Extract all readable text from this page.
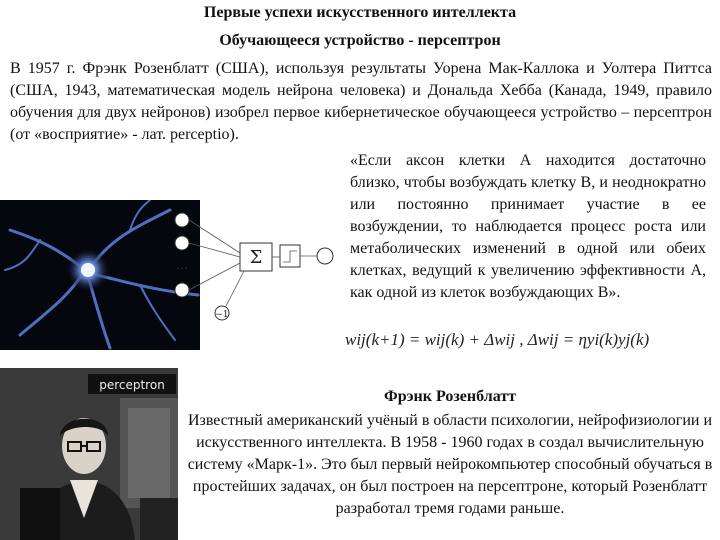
Первые успехи искусственного интеллекта
Обучающееся устройство - персептрон
В 1957 г. Фрэнк Розенблатт (США), используя результаты Уорена Мак-Каллока и Уолтера Питтса (США, 1943, математическая модель нейрона человека) и Дональда Хебба (Канада, 1949, правило обучения для двух нейронов) изобрел первое кибернетическое обучающееся устройство – персептрон (от «восприятие» - лат. perceptio).
Σ
…
−1
«Если аксон клетки А находится достаточно близко, чтобы возбуждать клетку В, и неоднократно или постоянно принимает участие в ее возбуждении, то наблюдается процесс роста или метаболических изменений в одной или обеих клетках, ведущий к увеличению эффективности А, как одной из клеток возбуждающих В».
wij(k+1) = wij(k) + Δwij , Δwij = ηyi(k)yj(k)
perceptron
Фрэнк Розенблатт
Известный американский учёный в области психологии, нейрофизиологии и искусственного интеллекта. В 1958 - 1960 годах в создал вычислительную систему «Марк-1». Это был первый нейрокомпьютер способный обучаться в простейших задачах, он был построен на персептроне, который Розенблатт разработал тремя годами раньше.
